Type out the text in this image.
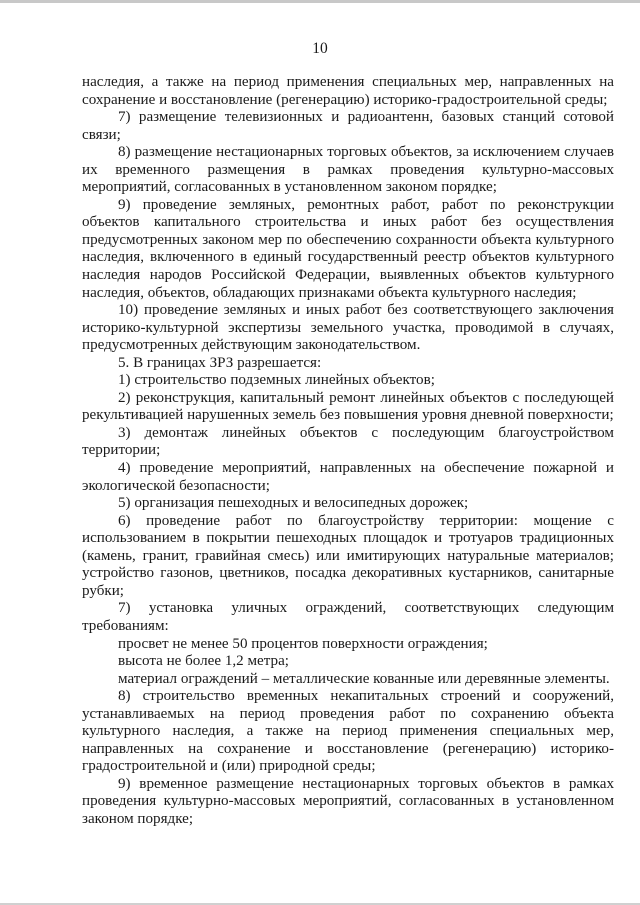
10

наследия, а также на период применения специальных мер, направленных на сохранение и восстановление (регенерацию) историко-градостроительной среды;

7) размещение телевизионных и радиоантенн, базовых станций сотовой связи;

8) размещение нестационарных торговых объектов, за исключением случаев их временного размещения в рамках проведения культурно-массовых мероприятий, согласованных в установленном законом порядке;

9) проведение земляных, ремонтных работ, работ по реконструкции объектов капитального строительства и иных работ без осуществления предусмотренных законом мер по обеспечению сохранности объекта культурного наследия, включенного в единый государственный реестр объектов культурного наследия народов Российской Федерации, выявленных объектов культурного наследия, объектов, обладающих признаками объекта культурного наследия;

10) проведение земляных и иных работ без соответствующего заключения историко-культурной экспертизы земельного участка, проводимой в случаях, предусмотренных действующим законодательством.

5. В границах ЗРЗ разрешается:

1) строительство подземных линейных объектов;

2) реконструкция, капитальный ремонт линейных объектов с последующей рекультивацией нарушенных земель без повышения уровня дневной поверхности;

3) демонтаж линейных объектов с последующим благоустройством территории;

4) проведение мероприятий, направленных на обеспечение пожарной и экологической безопасности;

5) организация пешеходных и велосипедных дорожек;

6) проведение работ по благоустройству территории: мощение с использованием в покрытии пешеходных площадок и тротуаров традиционных (камень, гранит, гравийная смесь) или имитирующих натуральные материалов; устройство газонов, цветников, посадка декоративных кустарников, санитарные рубки;

7) установка уличных ограждений, соответствующих следующим требованиям:

просвет не менее 50 процентов поверхности ограждения;

высота не более 1,2 метра;

материал ограждений – металлические кованные или деревянные элементы.

8) строительство временных некапитальных строений и сооружений, устанавливаемых на период проведения работ по сохранению объекта культурного наследия, а также на период применения специальных мер, направленных на сохранение и восстановление (регенерацию) историко-градостроительной и (или) природной среды;

9) временное размещение нестационарных торговых объектов в рамках проведения культурно-массовых мероприятий, согласованных в установленном законом порядке;
